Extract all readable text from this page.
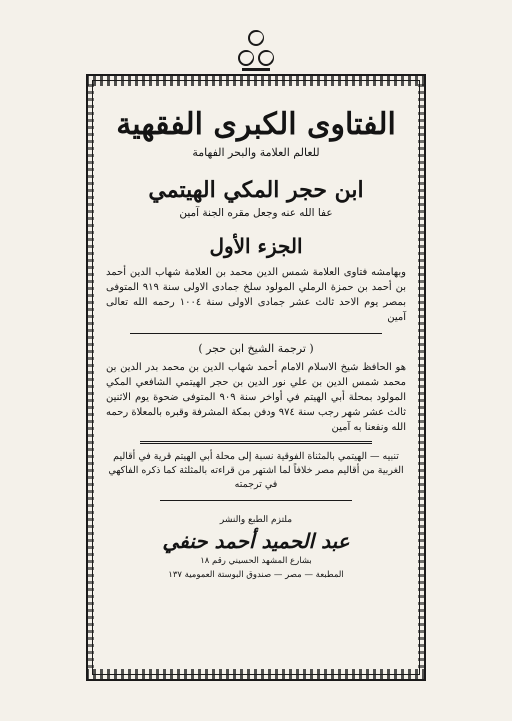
الفتاوى الكبرى الفقهية

للعالم العلامة والبحر الفهامة

ابن حجر المكي الهيتمي

عفا الله عنه وجعل مقره الجنة آمين

الجزء الأول

وبهامشه فتاوى العلامة شمس الدين محمد بن العلامة شهاب الدين أحمد بن أحمد بن حمزة الرملي المولود سلخ جمادى الاولى سنة ٩١٩ المتوفى بمصر يوم الاحد ثالث عشر جمادى الاولى سنة ١٠٠٤ رحمه الله تعالى آمين

( ترجمة الشيخ ابن حجر )

هو الحافظ شيخ الاسلام الامام أحمد شهاب الدين بن محمد بدر الدين بن محمد شمس الدين بن علي نور الدين بن حجر الهيتمي الشافعي المكي المولود بمحلة أبي الهيتم في أواخر سنة ٩٠٩ المتوفى ضحوة يوم الاثنين ثالث عشر شهر رجب سنة ٩٧٤ ودفن بمكة المشرفة وقبره بالمعلاة رحمه الله ونفعنا به آمين

تنبيه — الهيتمي بالمثناة الفوقية نسبة إلى محلة أبي الهيتم قرية في أقاليم الغربية من أقاليم مصر خلافاً لما اشتهر من قراءته بالمثلثة كما ذكره الفاكهي في ترجمته

ملتزم الطبع والنشر

عبد الحميد أحمد حنفي

بشارع المشهد الحسيني رقم ١٨

المطبعة — مصر — صندوق البوستة العمومية ١٣٧
